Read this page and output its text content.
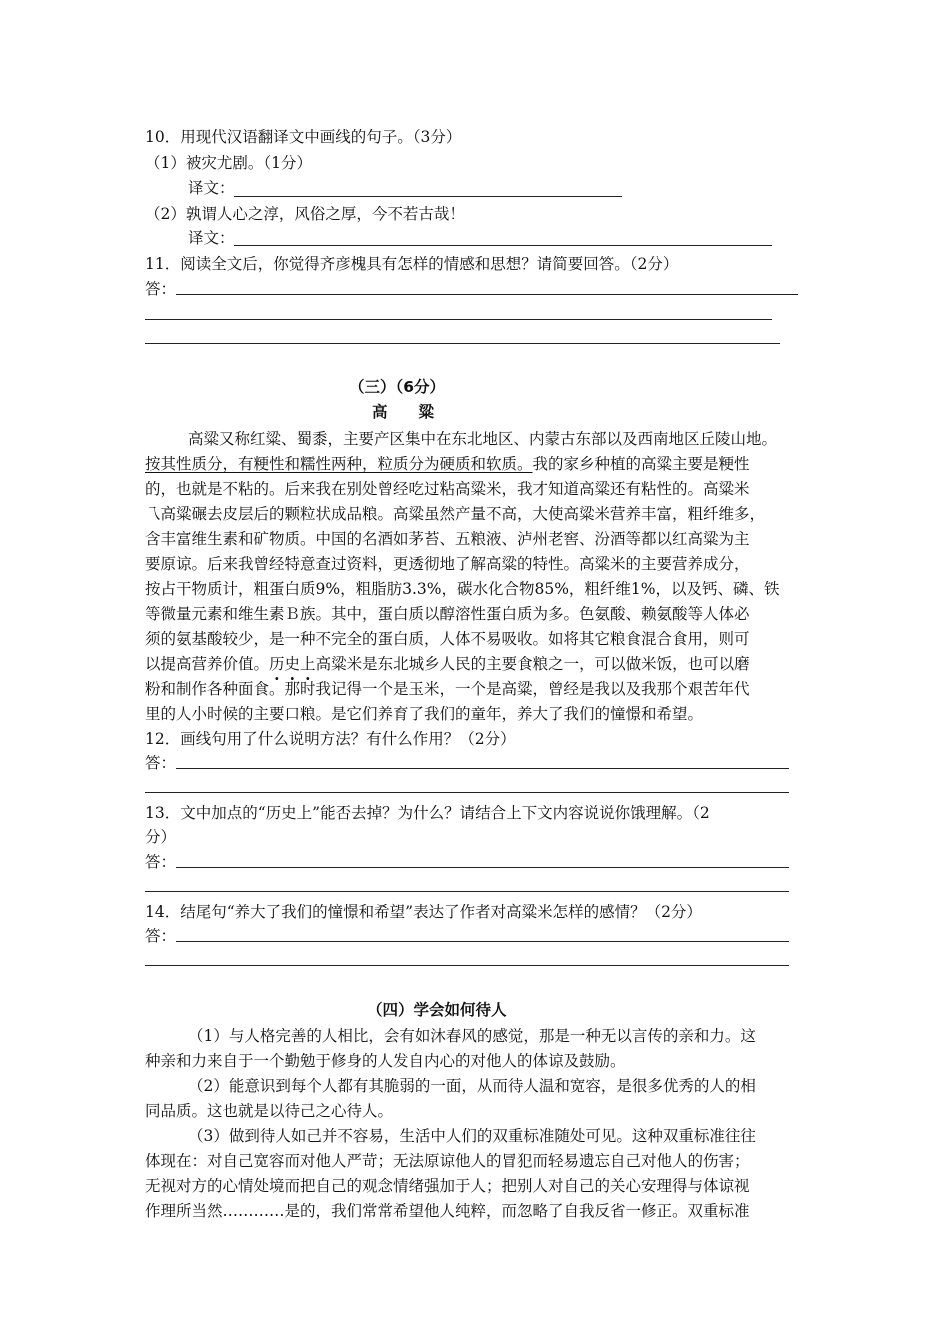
10．用现代汉语翻译文中画线的句子。（3分）
（1）被灾尤剧。（1分）
译文：
（2）孰谓人心之淳，风俗之厚，今不若古哉！
译文：
11．阅读全文后，你觉得齐彦槐具有怎样的情感和思想？请简要回答。（2分）
答：
（三）（6分）
高　　粱
高粱又称红粱、蜀黍，主要产区集中在东北地区、内蒙古东部以及西南地区丘陵山地。
按其性质分，有粳性和糯性两种，粒质分为硬质和软质。我的家乡种植的高粱主要是粳性
的，也就是不粘的。后来我在别处曾经吃过粘高粱米，我才知道高粱还有粘性的。高粱米
乁高粱碾去皮层后的颗粒状成品粮。高粱虽然产量不高，大使高粱米营养丰富，粗纤维多，
含丰富维生素和矿物质。中国的名酒如茅苔、五粮液、泸州老窖、汾酒等都以红高粱为主
要原谅。后来我曾经特意查过资料，更透彻地了解高粱的特性。高粱米的主要营养成分，
按占干物质计，粗蛋白质9%，粗脂肪3.3%，碳水化合物85%，粗纤维1%，以及钙、磷、铁
等微量元素和维生素Ｂ族。其中，蛋白质以醇溶性蛋白质为多。色氨酸、赖氨酸等人体必
须的氨基酸较少，是一种不完全的蛋白质，人体不易吸收。如将其它粮食混合食用，则可
以提高营养价值。历史上高粱米是东北城乡人民的主要食粮之一，可以做米饭，也可以磨
粉和制作各种面食。那时我记得一个是玉米，一个是高粱，曾经是我以及我那个艰苦年代
里的人小时候的主要口粮。是它们养育了我们的童年，养大了我们的憧憬和希望。
12．画线句用了什么说明方法？有什么作用？（2分）
答：
13．文中加点的“历史上”能否去掉？为什么？请结合上下文内容说说你饿理解。（2
分）
答：
14．结尾句“养大了我们的憧憬和希望”表达了作者对高粱米怎样的感情？（2分）
答：
（四）学会如何待人
（1）与人格完善的人相比，会有如沐春风的感觉，那是一种无以言传的亲和力。这
种亲和力来自于一个勤勉于修身的人发自内心的对他人的体谅及鼓励。
（2）能意识到每个人都有其脆弱的一面，从而待人温和宽容，是很多优秀的人的相
同品质。这也就是以待己之心待人。
（3）做到待人如己并不容易，生活中人们的双重标准随处可见。这种双重标准往往
体现在：对自己宽容而对他人严苛；无法原谅他人的冒犯而轻易遗忘自己对他人的伤害；
无视对方的心情处境而把自己的观念情绪强加于人；把别人对自己的关心安理得与体谅视
作理所当然…………是的，我们常常希望他人纯粹，而忽略了自我反省一修正。双重标准
